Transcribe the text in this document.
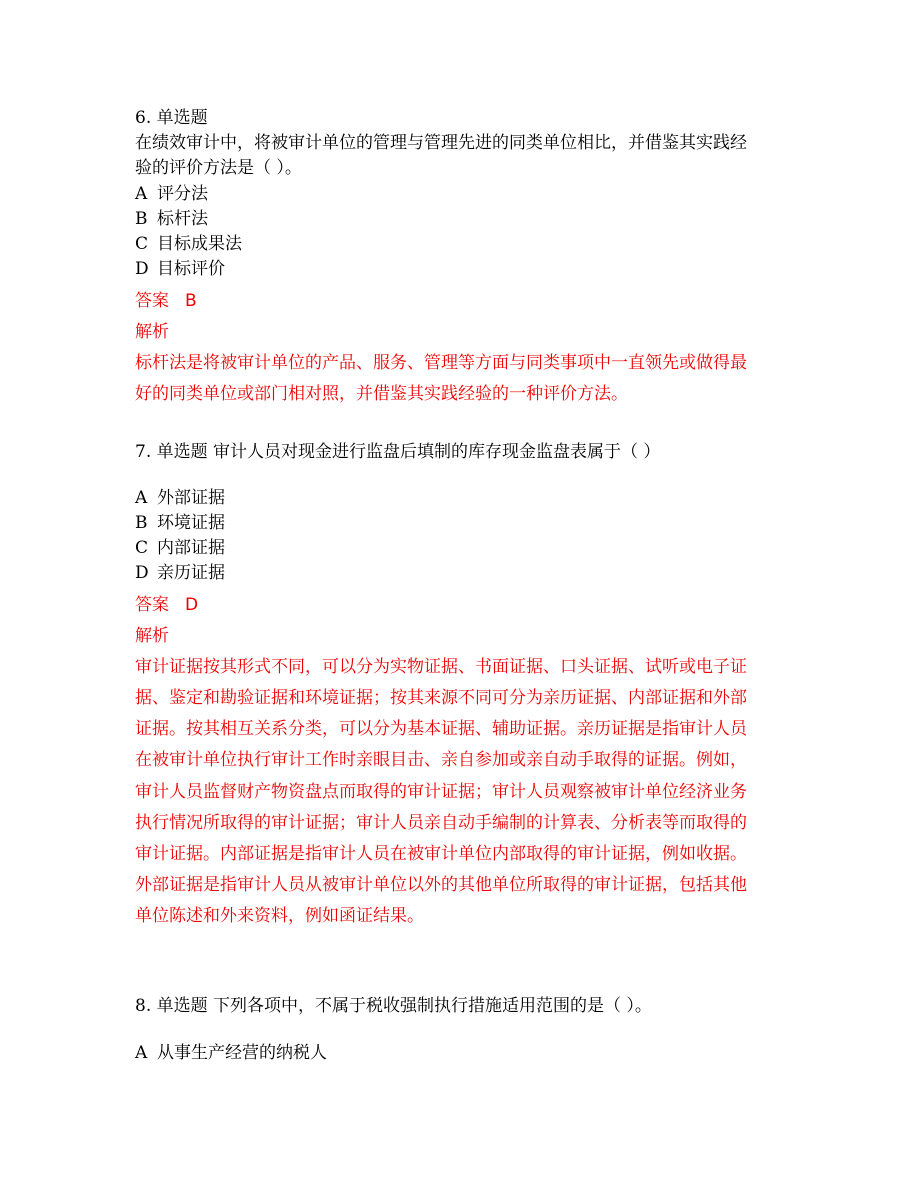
6. 单选题
在绩效审计中，将被审计单位的管理与管理先进的同类单位相比，并借鉴其实践经
验的评价方法是（ ）。
A 评分法
B 标杆法
C 目标成果法
D 目标评价
答案 B
解析
标杆法是将被审计单位的产品、服务、管理等方面与同类事项中一直领先或做得最
好的同类单位或部门相对照，并借鉴其实践经验的一种评价方法。
7. 单选题 审计人员对现金进行监盘后填制的库存现金监盘表属于（ ）
A 外部证据
B 环境证据
C 内部证据
D 亲历证据
答案 D
解析
审计证据按其形式不同，可以分为实物证据、书面证据、口头证据、试听或电子证
据、鉴定和勘验证据和环境证据；按其来源不同可分为亲历证据、内部证据和外部
证据。按其相互关系分类，可以分为基本证据、辅助证据。亲历证据是指审计人员
在被审计单位执行审计工作时亲眼目击、亲自参加或亲自动手取得的证据。例如，
审计人员监督财产物资盘点而取得的审计证据；审计人员观察被审计单位经济业务
执行情况所取得的审计证据；审计人员亲自动手编制的计算表、分析表等而取得的
审计证据。内部证据是指审计人员在被审计单位内部取得的审计证据，例如收据。
外部证据是指审计人员从被审计单位以外的其他单位所取得的审计证据，包括其他
单位陈述和外来资料，例如函证结果。
8. 单选题 下列各项中，不属于税收强制执行措施适用范围的是（ ）。
A 从事生产经营的纳税人
